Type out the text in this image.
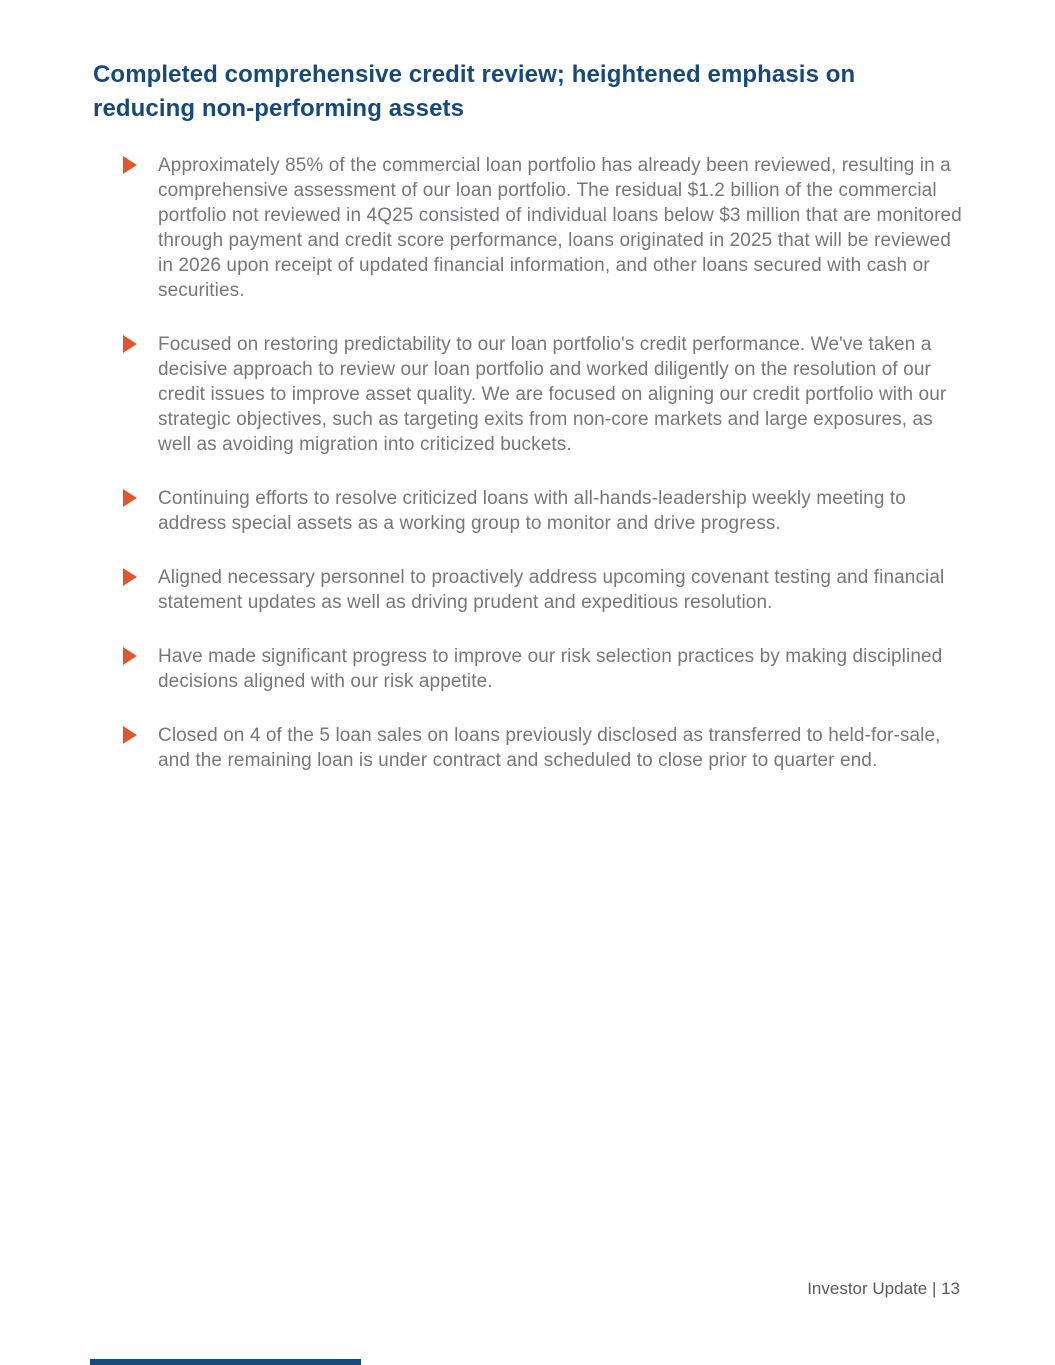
Completed comprehensive credit review; heightened emphasis on reducing non-performing assets

Approximately 85% of the commercial loan portfolio has already been reviewed, resulting in a comprehensive assessment of our loan portfolio. The residual $1.2 billion of the commercial portfolio not reviewed in 4Q25 consisted of individual loans below $3 million that are monitored through payment and credit score performance, loans originated in 2025 that will be reviewed in 2026 upon receipt of updated financial information, and other loans secured with cash or securities.

Focused on restoring predictability to our loan portfolio's credit performance. We've taken a decisive approach to review our loan portfolio and worked diligently on the resolution of our credit issues to improve asset quality. We are focused on aligning our credit portfolio with our strategic objectives, such as targeting exits from non-core markets and large exposures, as well as avoiding migration into criticized buckets.

Continuing efforts to resolve criticized loans with all-hands-leadership weekly meeting to address special assets as a working group to monitor and drive progress.

Aligned necessary personnel to proactively address upcoming covenant testing and financial statement updates as well as driving prudent and expeditious resolution.

Have made significant progress to improve our risk selection practices by making disciplined decisions aligned with our risk appetite.

Closed on 4 of the 5 loan sales on loans previously disclosed as transferred to held-for-sale, and the remaining loan is under contract and scheduled to close prior to quarter end.

Investor Update | 13
